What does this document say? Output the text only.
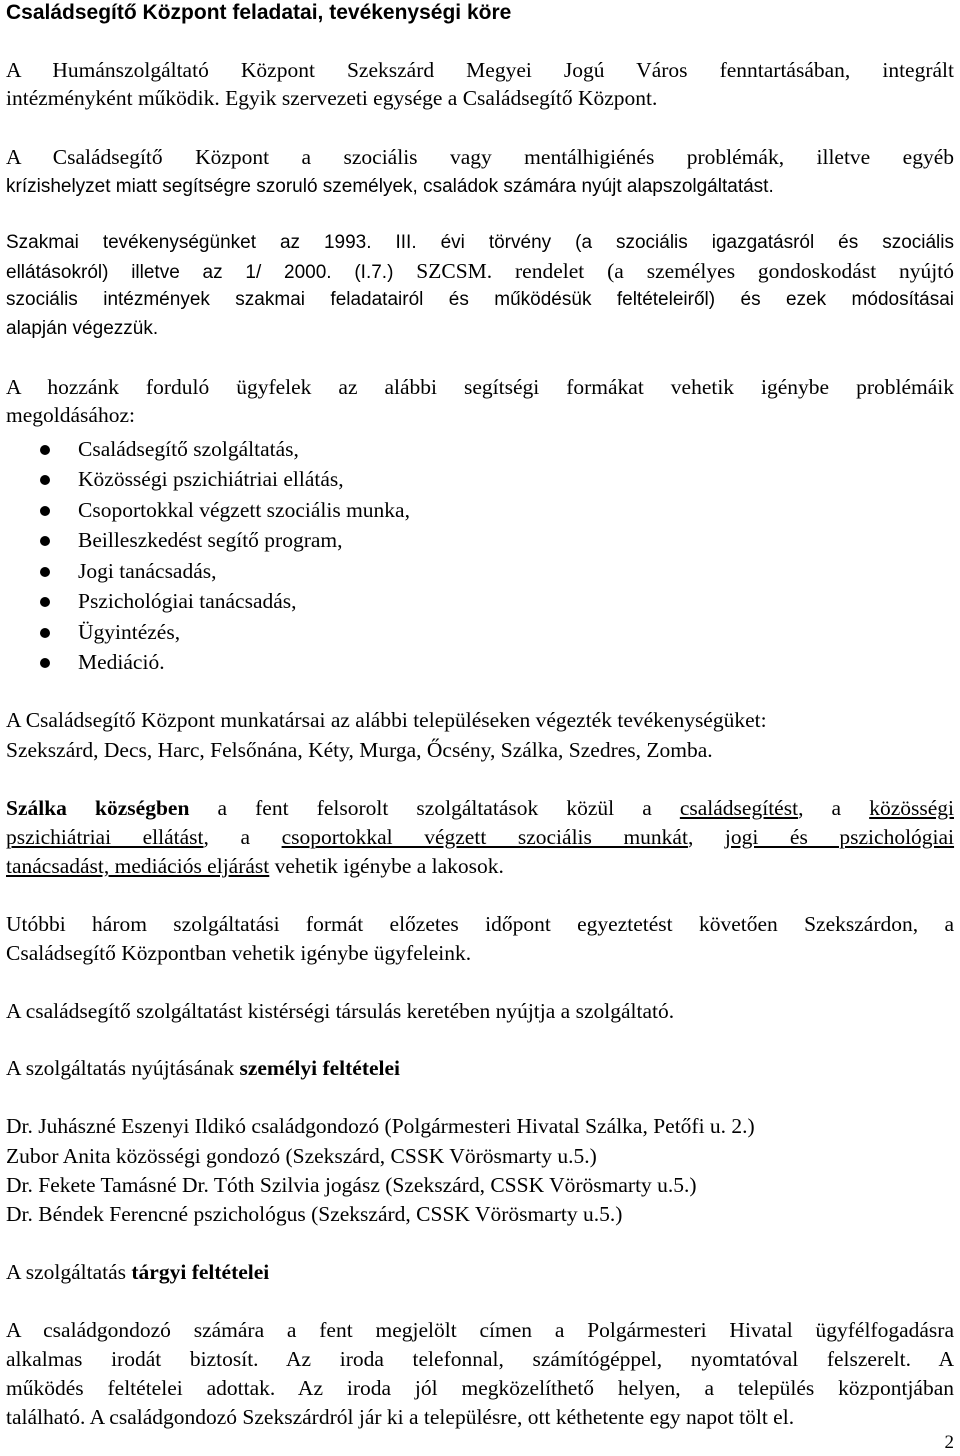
Családsegítő Központ feladatai, tevékenységi köre
A Humánszolgáltató Központ Szekszárd Megyei Jogú Város fenntartásában, integrált
intézményként működik. Egyik szervezeti egysége a Családsegítő Központ.
A Családsegítő Központ a szociális vagy mentálhigiénés problémák, illetve egyéb
krízishelyzet miatt segítségre szoruló személyek, családok számára nyújt alapszolgáltatást.
Szakmai tevékenységünket az 1993. III. évi törvény (a szociális igazgatásról és szociális
ellátásokról) illetve az 1/ 2000. (I.7.) SZCSM. rendelet (a személyes gondoskodást nyújtó
szociális intézmények szakmai feladatairól és működésük feltételeiről) és ezek módosításai
alapján végezzük.
A hozzánk forduló ügyfelek az alábbi segítségi formákat vehetik igénybe problémáik
megoldásához:
Családsegítő szolgáltatás,
Közösségi pszichiátriai ellátás,
Csoportokkal végzett szociális munka,
Beilleszkedést segítő program,
Jogi tanácsadás,
Pszichológiai tanácsadás,
Ügyintézés,
Mediáció.
A Családsegítő Központ munkatársai az alábbi településeken végezték tevékenységüket:
Szekszárd, Decs, Harc, Felsőnána, Kéty, Murga, Őcsény, Szálka, Szedres, Zomba.
Szálka községben a fent felsorolt szolgáltatások közül a családsegítést, a közösségi
pszichiátriai ellátást, a csoportokkal végzett szociális munkát, jogi és pszichológiai
tanácsadást, mediációs eljárást vehetik igénybe a lakosok.
Utóbbi három szolgáltatási formát előzetes időpont egyeztetést követően Szekszárdon, a
Családsegítő Központban vehetik igénybe ügyfeleink.
A családsegítő szolgáltatást kistérségi társulás keretében nyújtja a szolgáltató.
A szolgáltatás nyújtásának személyi feltételei
Dr. Juhászné Eszenyi Ildikó családgondozó (Polgármesteri Hivatal Szálka, Petőfi u. 2.)
Zubor Anita közösségi gondozó (Szekszárd, CSSK Vörösmarty u.5.)
Dr. Fekete Tamásné Dr. Tóth Szilvia jogász (Szekszárd, CSSK Vörösmarty u.5.)
Dr. Béndek Ferencné pszichológus (Szekszárd, CSSK Vörösmarty u.5.)
A szolgáltatás tárgyi feltételei
A családgondozó számára a fent megjelölt címen a Polgármesteri Hivatal ügyfélfogadásra
alkalmas irodát biztosít. Az iroda telefonnal, számítógéppel, nyomtatóval felszerelt. A
működés feltételei adottak. Az iroda jól megközelíthető helyen, a település központjában
található. A családgondozó Szekszárdról jár ki a településre, ott kéthetente egy napot tölt el.
2
